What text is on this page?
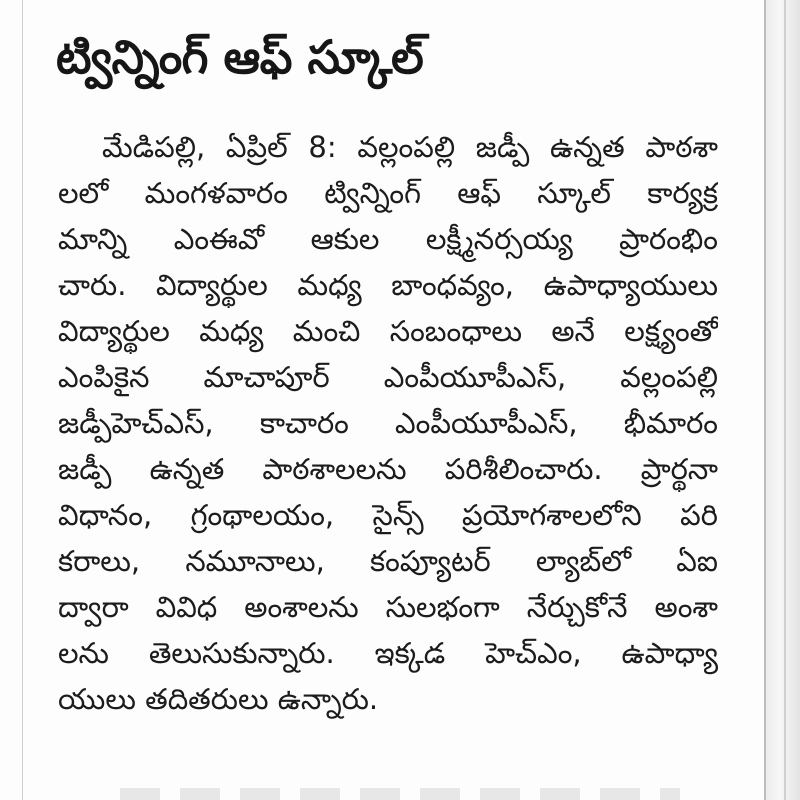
ట్విన్నింగ్ ఆఫ్ స్కూల్
మేడిపల్లి, ఏప్రిల్ 8: వల్లంపల్లి జడ్పీ ఉన్నత పాఠశా
లలో మంగళవారం ట్విన్నింగ్ ఆఫ్ స్కూల్ కార్యక్ర
మాన్ని ఎంఈవో ఆకుల లక్ష్మీనర్సయ్య ప్రారంభిం
చారు. విద్యార్థుల మధ్య బాంధవ్యం, ఉపాధ్యాయులు
విద్యార్థుల మధ్య మంచి సంబంధాలు అనే లక్ష్యంతో
ఎంపికైన మాచాపూర్ ఎంపీయూపీఎస్, వల్లంపల్లి
జడ్పీహెచ్ఎస్, కాచారం ఎంపీయూపీఎస్, భీమారం
జడ్పీ ఉన్నత పాఠశాలలను పరిశీలించారు. ప్రార్థనా
విధానం, గ్రంథాలయం, సైన్స్ ప్రయోగశాలలోని పరి
కరాలు, నమూనాలు, కంప్యూటర్ ల్యాబ్‌లో ఏఐ
ద్వారా వివిధ అంశాలను సులభంగా నేర్చుకోనే అంశా
లను తెలుసుకున్నారు. ఇక్కడ హెచ్ఎం, ఉపాధ్యా
యులు తదితరులు ఉన్నారు.
